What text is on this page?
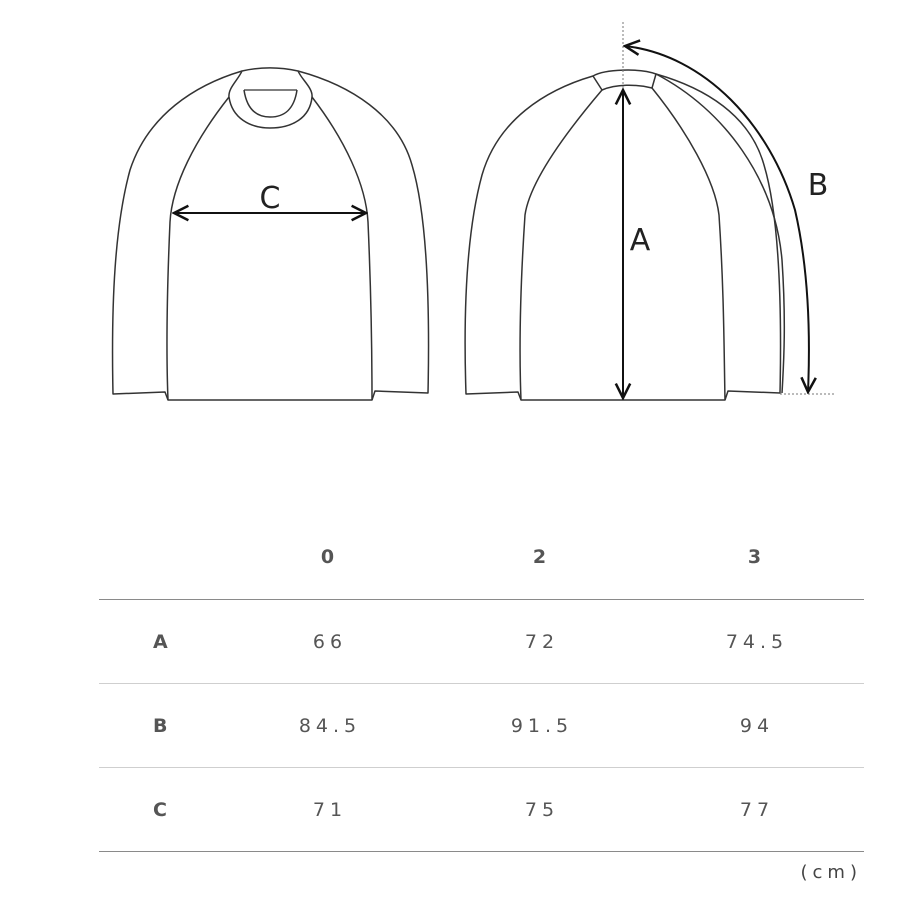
C
A
B
	0	2	3
A	66	72	74.5
B	84.5	91.5	94
C	71	75	77
(cm)
